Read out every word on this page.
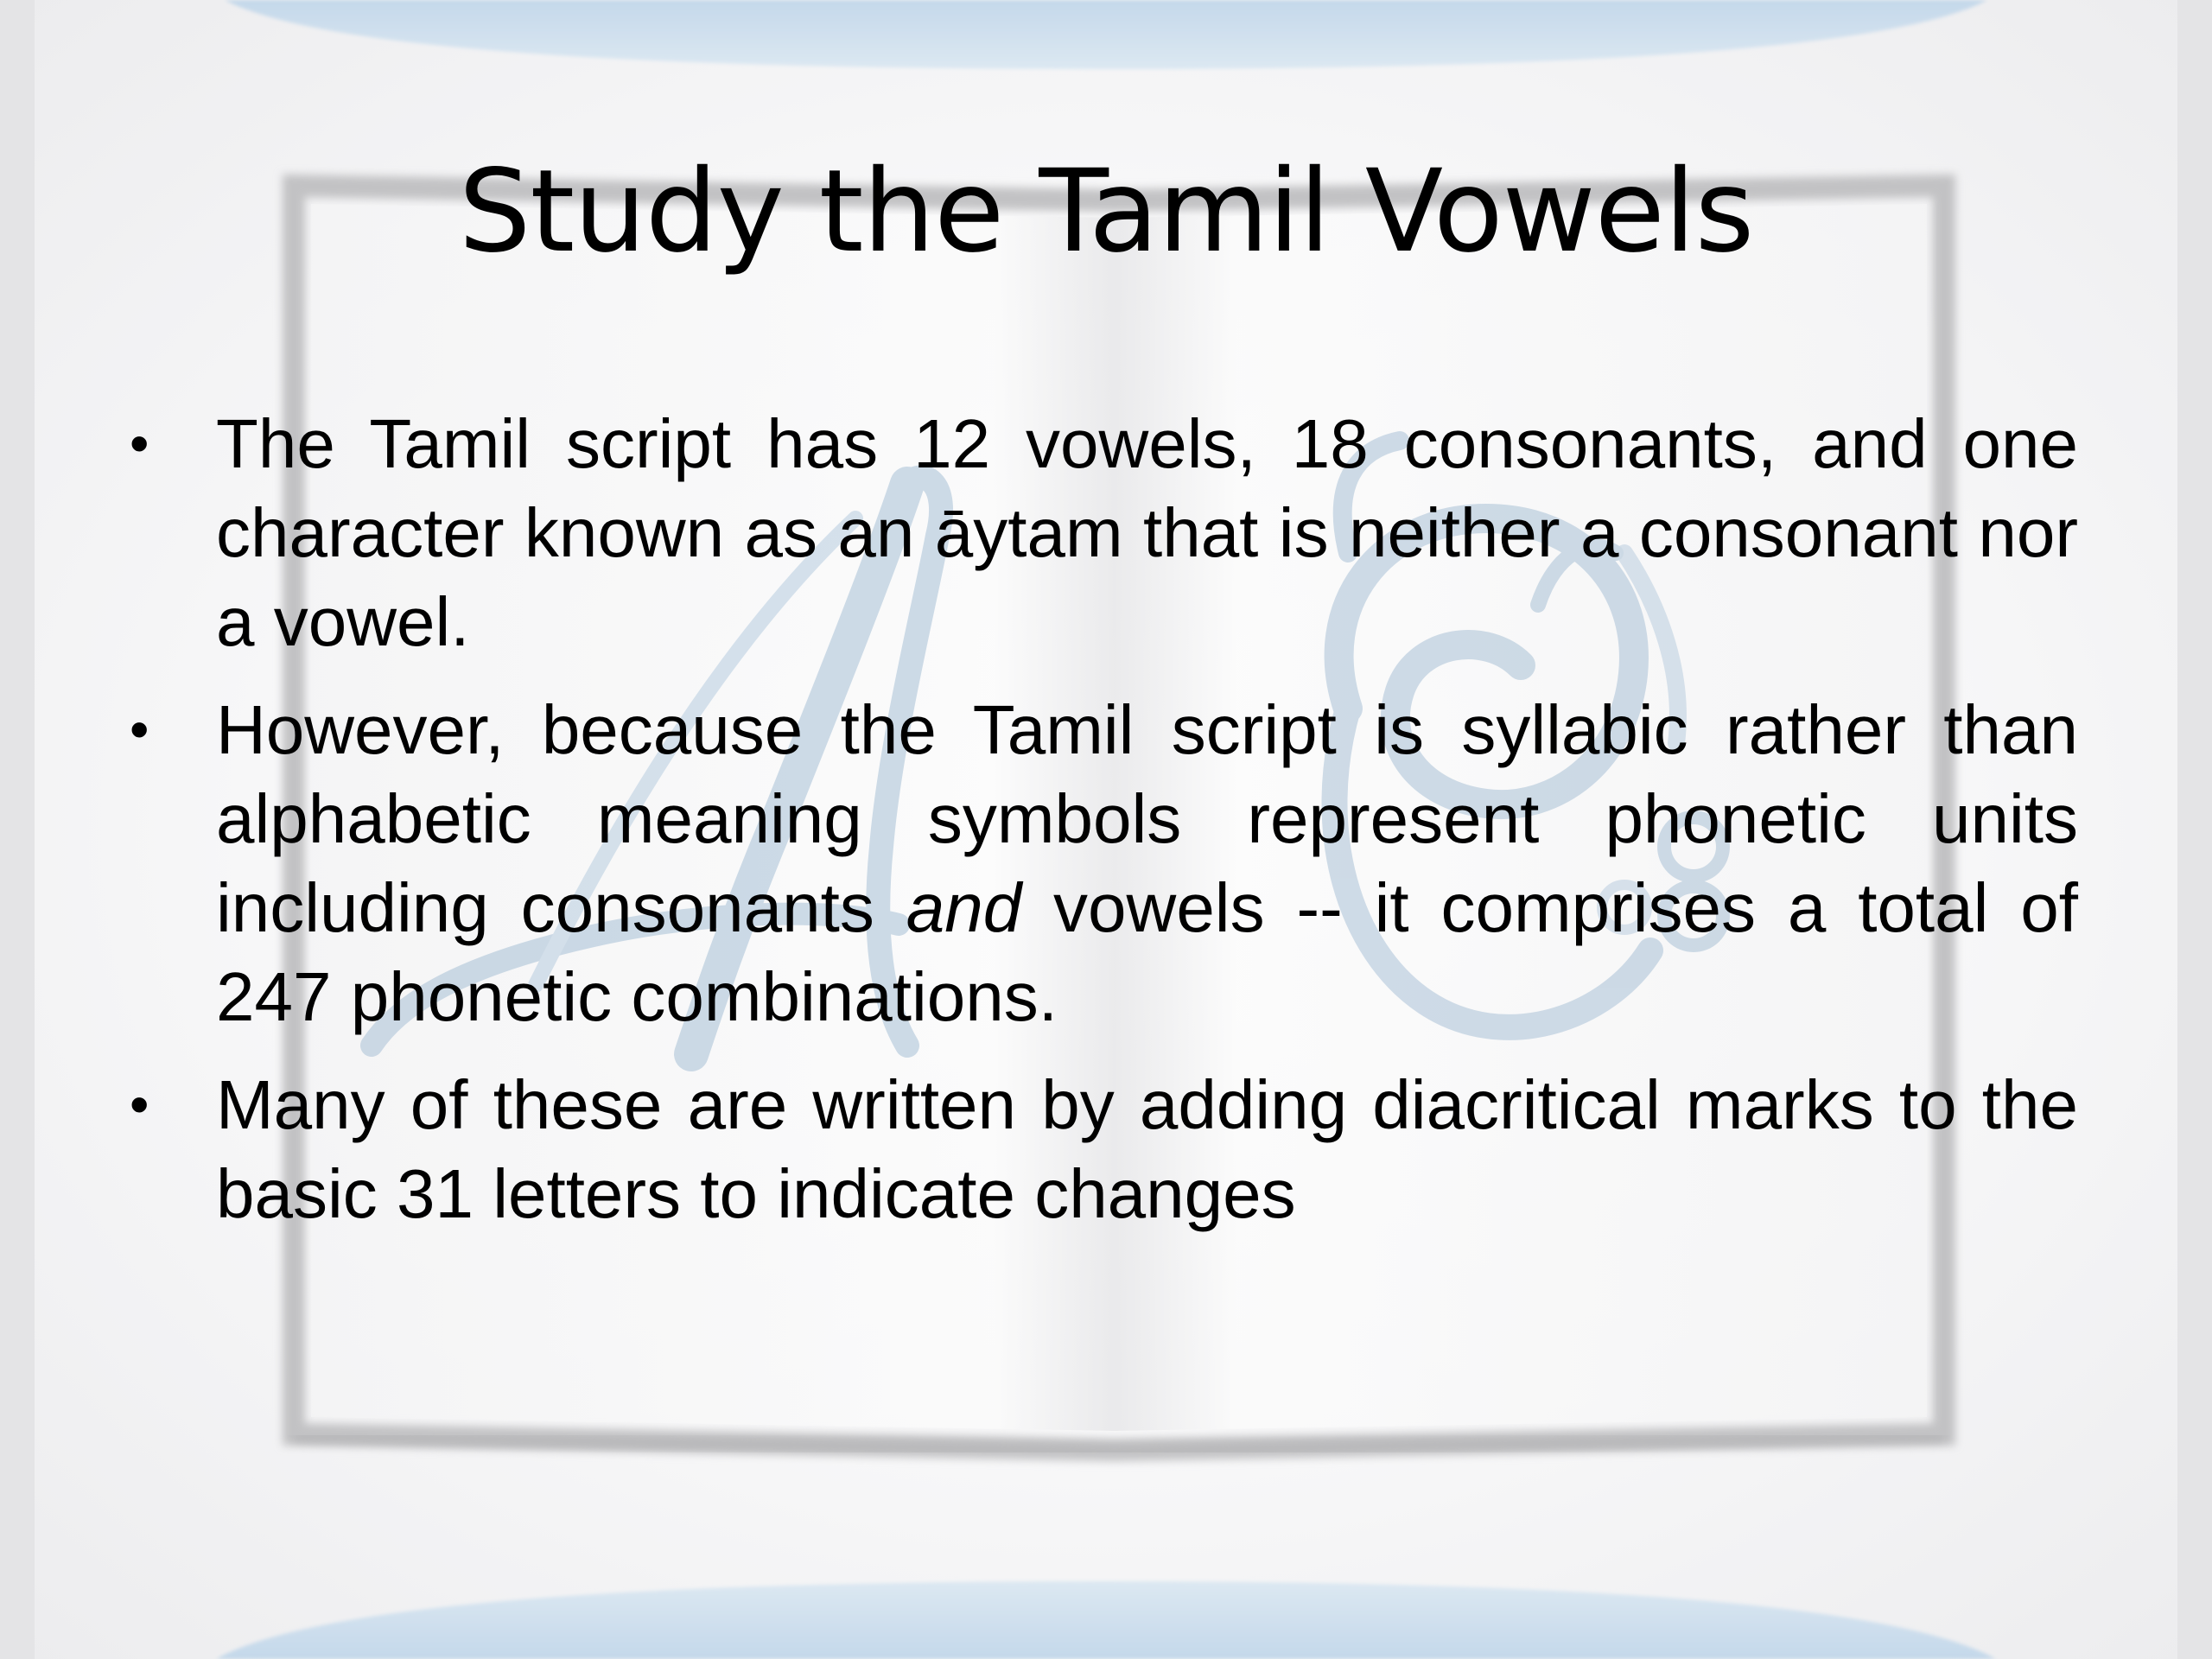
Study the Tamil Vowels
• The Tamil script has 12 vowels, 18 consonants, and one character known as an āytam that is neither a consonant nor a vowel.
• However, because the Tamil script is syllabic rather than alphabetic meaning symbols represent phonetic units including consonants and vowels -- it comprises a total of 247 phonetic combinations.
• Many of these are written by adding diacritical marks to the basic 31 letters to indicate changes
